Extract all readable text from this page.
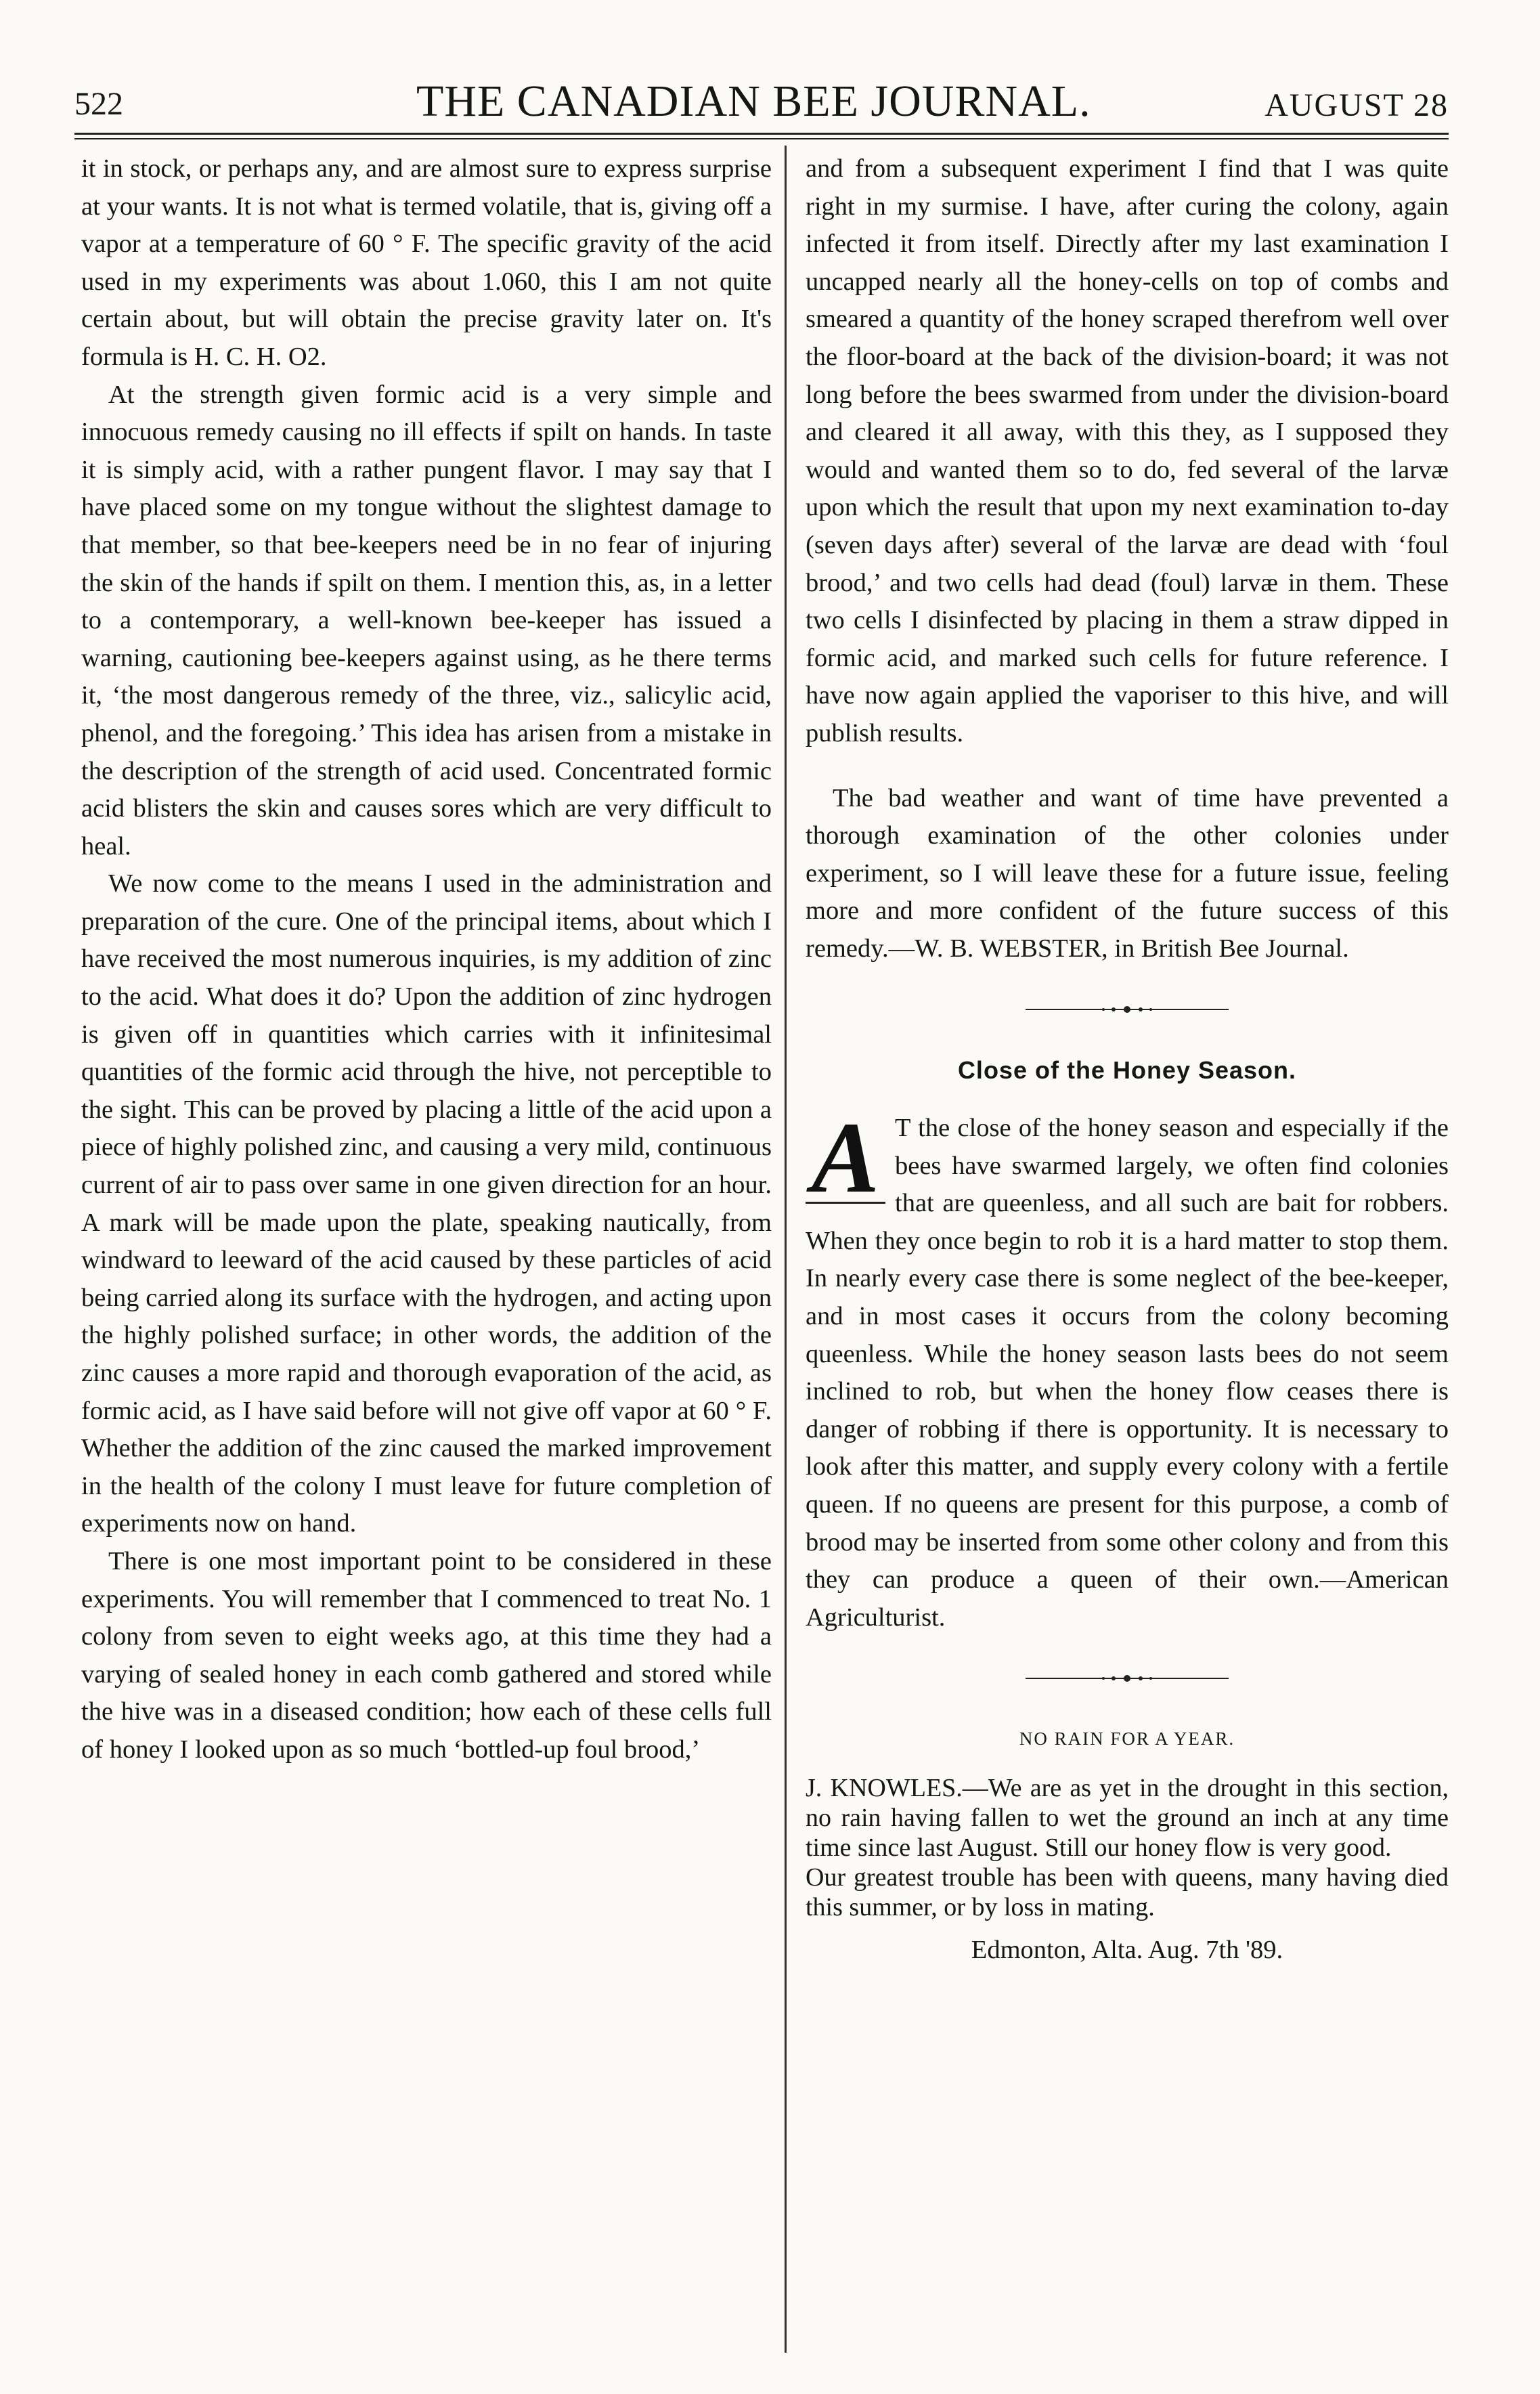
522	THE CANADIAN BEE JOURNAL.	AUGUST 28

it in stock, or perhaps any, and are almost sure to express surprise at your wants. It is not what is termed volatile, that is, giving off a vapor at a temperature of 60 ° F. The specific gravity of the acid used in my experiments was about 1.060, this I am not quite certain about, but will obtain the precise gravity later on. It's formula is H. C. H. O2.

At the strength given formic acid is a very simple and innocuous remedy causing no ill effects if spilt on hands. In taste it is simply acid, with a rather pungent flavor. I may say that I have placed some on my tongue without the slightest damage to that member, so that bee-keepers need be in no fear of injuring the skin of the hands if spilt on them. I mention this, as, in a letter to a contemporary, a well-known bee-keeper has issued a warning, cautioning bee-keepers against using, as he there terms it, ‘the most dangerous remedy of the three, viz., salicylic acid, phenol, and the foregoing.’ This idea has arisen from a mistake in the description of the strength of acid used. Concentrated formic acid blisters the skin and causes sores which are very difficult to heal.

We now come to the means I used in the administration and preparation of the cure. One of the principal items, about which I have received the most numerous inquiries, is my addition of zinc to the acid. What does it do? Upon the addition of zinc hydrogen is given off in quantities which carries with it infinitesimal quantities of the formic acid through the hive, not perceptible to the sight. This can be proved by placing a little of the acid upon a piece of highly polished zinc, and causing a very mild, continuous current of air to pass over same in one given direction for an hour. A mark will be made upon the plate, speaking nautically, from windward to leeward of the acid caused by these particles of acid being carried along its surface with the hydrogen, and acting upon the highly polished surface; in other words, the addition of the zinc causes a more rapid and thorough evaporation of the acid, as formic acid, as I have said before will not give off vapor at 60 ° F. Whether the addition of the zinc caused the marked improvement in the health of the colony I must leave for future completion of experiments now on hand.

There is one most important point to be considered in these experiments. You will remember that I commenced to treat No. 1 colony from seven to eight weeks ago, at this time they had a varying of sealed honey in each comb gathered and stored while the hive was in a diseased condition; how each of these cells full of honey I looked upon as so much ‘bottled-up foul brood,’

and from a subsequent experiment I find that I was quite right in my surmise. I have, after curing the colony, again infected it from itself. Directly after my last examination I uncapped nearly all the honey-cells on top of combs and smeared a quantity of the honey scraped therefrom well over the floor-board at the back of the division-board; it was not long before the bees swarmed from under the division-board and cleared it all away, with this they, as I supposed they would and wanted them so to do, fed several of the larvæ upon which the result that upon my next examination to-day (seven days after) several of the larvæ are dead with ‘foul brood,’ and two cells had dead (foul) larvæ in them. These two cells I disinfected by placing in them a straw dipped in formic acid, and marked such cells for future reference. I have now again applied the vaporiser to this hive, and will publish results.

The bad weather and want of time have prevented a thorough examination of the other colonies under experiment, so I will leave these for a future issue, feeling more and more confident of the future success of this remedy.—W. B. WEBSTER, in British Bee Journal.

Close of the Honey Season.
A T the close of the honey season and especially if the bees have swarmed largely, we often find colonies that are queenless, and all such are bait for robbers. When they once begin to rob it is a hard matter to stop them. In nearly every case there is some neglect of the bee-keeper, and in most cases it occurs from the colony becoming queenless. While the honey season lasts bees do not seem inclined to rob, but when the honey flow ceases there is danger of robbing if there is opportunity. It is necessary to look after this matter, and supply every colony with a fertile queen. If no queens are present for this purpose, a comb of brood may be inserted from some other colony and from this they can produce a queen of their own.—American Agriculturist.

NO RAIN FOR A YEAR.

J. KNOWLES.—We are as yet in the drought in this section, no rain having fallen to wet the ground an inch at any time time since last August. Still our honey flow is very good.

Our greatest trouble has been with queens, many having died this summer, or by loss in mating.

Edmonton, Alta. Aug. 7th '89.
